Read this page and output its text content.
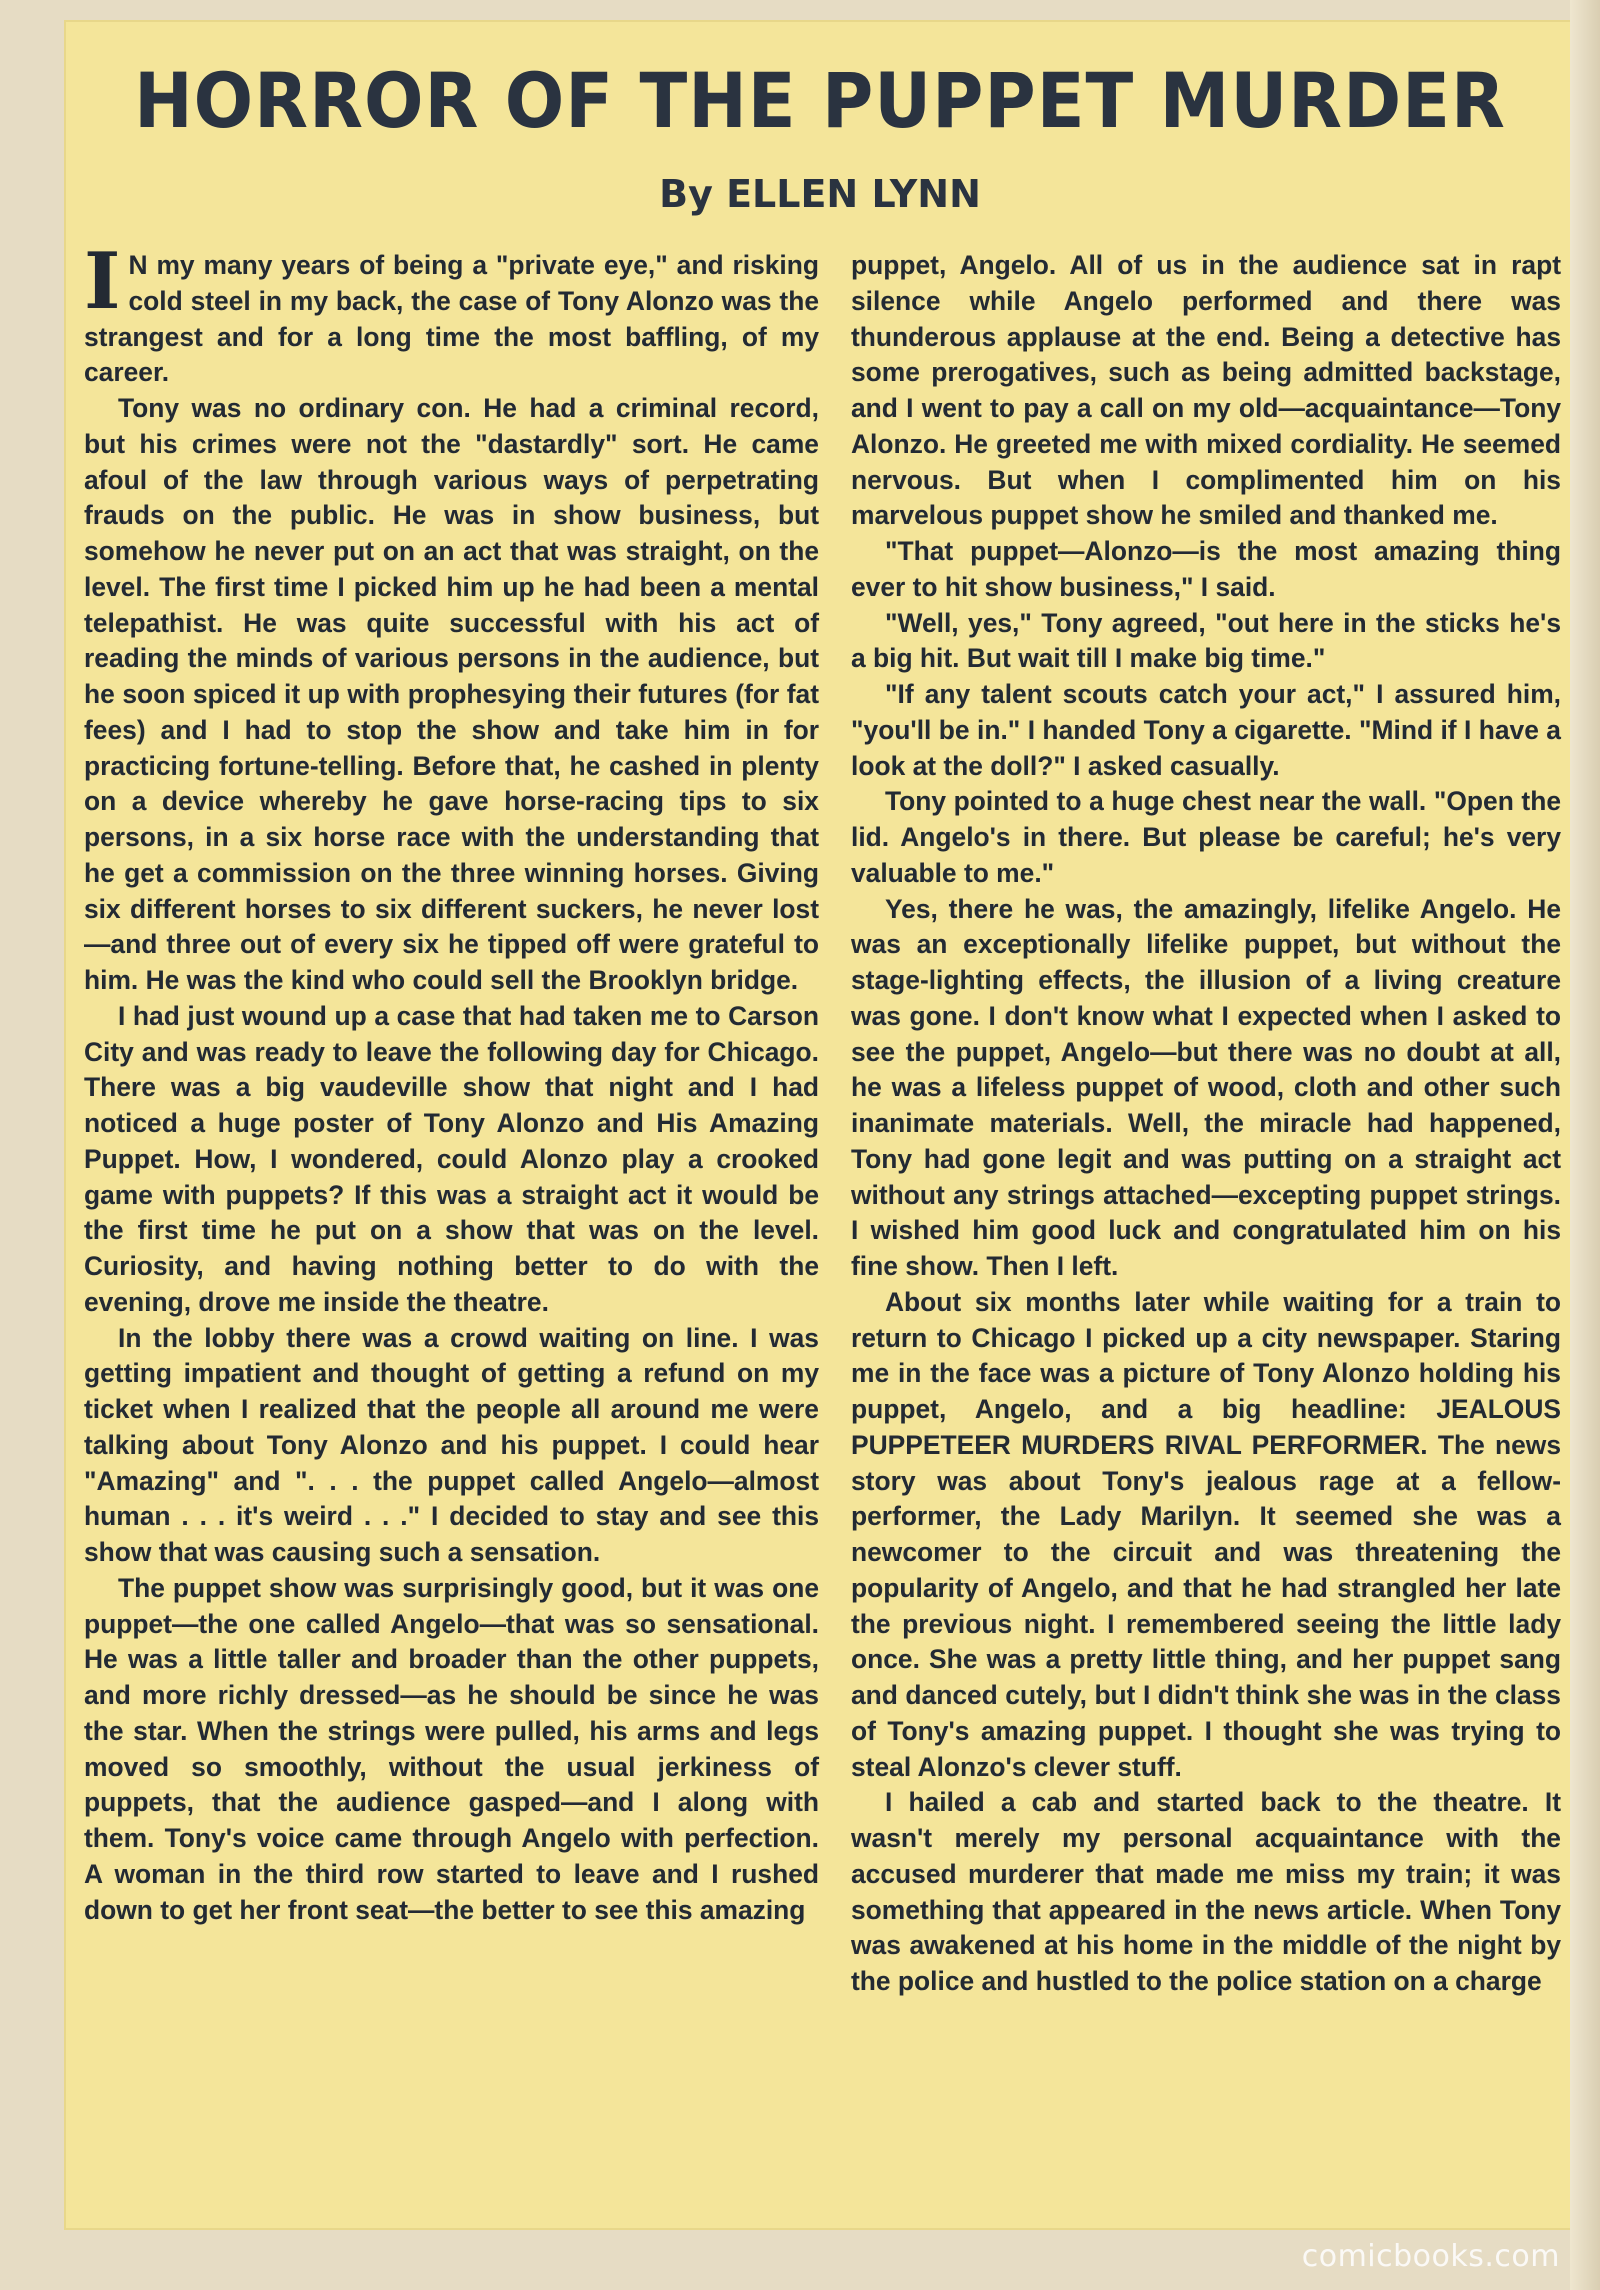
HORROR OF THE PUPPET MURDER
By ELLEN LYNN

I N my many years of being a "private eye," and risking cold steel in my back, the case of Tony Alonzo was the strangest and for a long time the most baffling, of my career.

Tony was no ordinary con. He had a criminal record, but his crimes were not the "dastardly" sort. He came afoul of the law through various ways of perpetrating frauds on the public. He was in show business, but somehow he never put on an act that was straight, on the level. The first time I picked him up he had been a mental telepathist. He was quite successful with his act of reading the minds of various persons in the audience, but he soon spiced it up with prophesying their futures (for fat fees) and I had to stop the show and take him in for practicing fortune-telling. Before that, he cashed in plenty on a device whereby he gave horse-racing tips to six persons, in a six horse race with the understanding that he get a commission on the three winning horses. Giving six different horses to six different suckers, he never lost—and three out of every six he tipped off were grateful to him. He was the kind who could sell the Brooklyn bridge.

I had just wound up a case that had taken me to Carson City and was ready to leave the following day for Chicago. There was a big vaudeville show that night and I had noticed a huge poster of Tony Alonzo and His Amazing Puppet. How, I wondered, could Alonzo play a crooked game with puppets? If this was a straight act it would be the first time he put on a show that was on the level. Curiosity, and having nothing better to do with the evening, drove me inside the theatre.

In the lobby there was a crowd waiting on line. I was getting impatient and thought of getting a refund on my ticket when I realized that the people all around me were talking about Tony Alonzo and his puppet. I could hear "Amazing" and ". . . the puppet called Angelo—almost human . . . it's weird . . ." I decided to stay and see this show that was causing such a sensation.

The puppet show was surprisingly good, but it was one puppet—the one called Angelo—that was so sensational. He was a little taller and broader than the other puppets, and more richly dressed—as he should be since he was the star. When the strings were pulled, his arms and legs moved so smoothly, without the usual jerkiness of puppets, that the audience gasped—and I along with them. Tony's voice came through Angelo with perfection. A woman in the third row started to leave and I rushed down to get her front seat—the better to see this amazing

puppet, Angelo. All of us in the audience sat in rapt silence while Angelo performed and there was thunderous applause at the end. Being a detective has some prerogatives, such as being admitted backstage, and I went to pay a call on my old—acquaintance—Tony Alonzo. He greeted me with mixed cordiality. He seemed nervous. But when I complimented him on his marvelous puppet show he smiled and thanked me.

"That puppet—Alonzo—is the most amazing thing ever to hit show business," I said.

"Well, yes," Tony agreed, "out here in the sticks he's a big hit. But wait till I make big time."

"If any talent scouts catch your act," I assured him, "you'll be in." I handed Tony a cigarette. "Mind if I have a look at the doll?" I asked casually.

Tony pointed to a huge chest near the wall. "Open the lid. Angelo's in there. But please be careful; he's very valuable to me."

Yes, there he was, the amazingly, lifelike Angelo. He was an exceptionally lifelike puppet, but without the stage-lighting effects, the illusion of a living creature was gone. I don't know what I expected when I asked to see the puppet, Angelo—but there was no doubt at all, he was a lifeless puppet of wood, cloth and other such inanimate materials. Well, the miracle had happened, Tony had gone legit and was putting on a straight act without any strings attached—excepting puppet strings. I wished him good luck and congratulated him on his fine show. Then I left.

About six months later while waiting for a train to return to Chicago I picked up a city newspaper. Staring me in the face was a picture of Tony Alonzo holding his puppet, Angelo, and a big headline: JEALOUS PUPPETEER MURDERS RIVAL PERFORMER. The news story was about Tony's jealous rage at a fellow-performer, the Lady Marilyn. It seemed she was a newcomer to the circuit and was threatening the popularity of Angelo, and that he had strangled her late the previous night. I remembered seeing the little lady once. She was a pretty little thing, and her puppet sang and danced cutely, but I didn't think she was in the class of Tony's amazing puppet. I thought she was trying to steal Alonzo's clever stuff.

I hailed a cab and started back to the theatre. It wasn't merely my personal acquaintance with the accused murderer that made me miss my train; it was something that appeared in the news article. When Tony was awakened at his home in the middle of the night by the police and hustled to the police station on a charge

comicbooks.com
